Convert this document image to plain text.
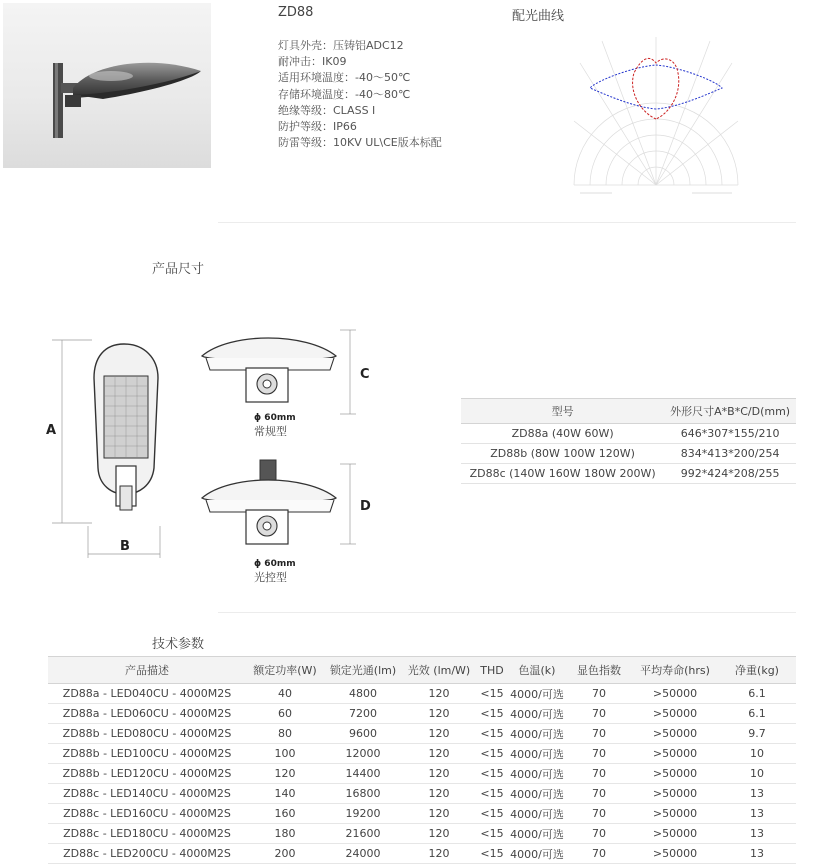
ZD88	配光曲线
灯具外壳：压铸铝ADC12
耐冲击：IK09
适用环境温度：-40～50℃
存储环境温度：-40～80℃
绝缘等级：CLASS Ⅰ
防护等级：IP66
防雷等级：10KV UL\CE版本标配
产品尺寸
A
B
C
D
ϕ 60mm
常规型
ϕ 60mm
光控型
型号	外形尺寸A*B*C/D(mm)
ZD88a (40W 60W)	646*307*155/210
ZD88b (80W 100W 120W)	834*413*200/254
ZD88c (140W 160W 180W 200W)	992*424*208/255
技术参数
产品描述	额定功率(W)	锁定光通(lm)	光效 (lm/W)	THD	色温(k)	显色指数	平均寿命(hrs)	净重(kg)
ZD88a - LED040CU - 4000M2S	40	4800	120	<15	4000/可选	70	>50000	6.1
ZD88a - LED060CU - 4000M2S	60	7200	120	<15	4000/可选	70	>50000	6.1
ZD88b - LED080CU - 4000M2S	80	9600	120	<15	4000/可选	70	>50000	9.7
ZD88b - LED100CU - 4000M2S	100	12000	120	<15	4000/可选	70	>50000	10
ZD88b - LED120CU - 4000M2S	120	14400	120	<15	4000/可选	70	>50000	10
ZD88c - LED140CU - 4000M2S	140	16800	120	<15	4000/可选	70	>50000	13
ZD88c - LED160CU - 4000M2S	160	19200	120	<15	4000/可选	70	>50000	13
ZD88c - LED180CU - 4000M2S	180	21600	120	<15	4000/可选	70	>50000	13
ZD88c - LED200CU - 4000M2S	200	24000	120	<15	4000/可选	70	>50000	13
